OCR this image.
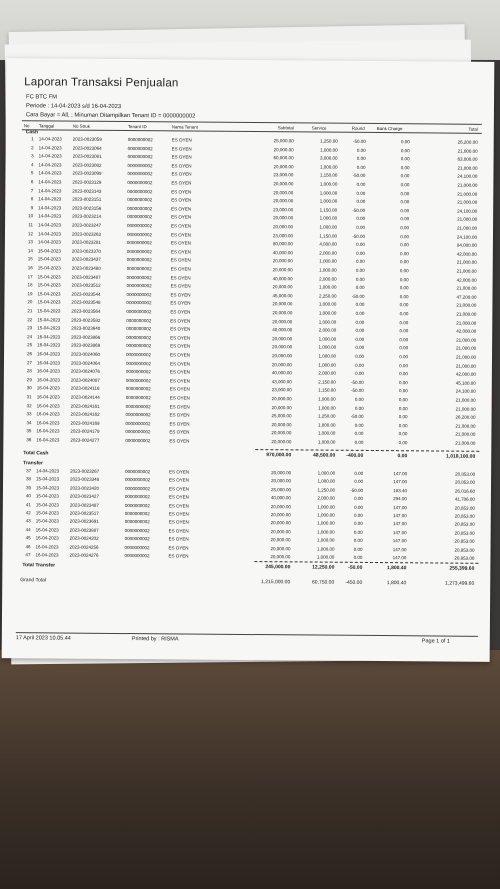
Laporan Transaksi Penjualan
FC BTC FM
Periode : 14-04-2023 s/d 16-04-2023
Cara Bayar = All, ; Minuman Ditampilkan Tenant ID = 0000000002
No Tanggal	No Struk	Tenant ID	Nama Tenant	Subtotal	Service	Round	Bank Charge	Total
Cash
1 14-04-2023	2023-0023059	0000000002	ES OYEN	25,000.00	1,250.00	-50.00	0.00	26,200.00
2 14-04-2023	2023-0023064	0000000002	ES OYEN	20,000.00	1,000.00	0.00	0.00	21,000.00
3 14-04-2023	2023-0023081	0000000002	ES OYEN	60,000.00	3,000.00	0.00	0.00	63,000.00
4 14-04-2023	2023-0023082	0000000002	ES OYEN	20,000.00	1,000.00	0.00	0.00	21,000.00
5 14-04-2023	2023-0023099	0000000002	ES OYEN	23,000.00	1,150.00	-50.00	0.00	24,100.00
6 14-04-2023	2023-0023129	0000000002	ES OYEN	20,000.00	1,000.00	0.00	0.00	21,000.00
7 14-04-2023	2023-0023143	0000000002	ES OYEN	20,000.00	1,000.00	0.00	0.00	21,000.00
8 14-04-2023	2023-0023151	0000000002	ES OYEN	20,000.00	1,000.00	0.00	0.00	21,000.00
9 14-04-2023	2023-0023156	0000000002	ES OYEN	23,000.00	1,150.00	-50.00	0.00	24,100.00
10 14-04-2023	2023-0023214	0000000002	ES OYEN	20,000.00	1,000.00	0.00	0.00	21,000.00
11 14-04-2023	2023-0023247	0000000002	ES OYEN	20,000.00	1,000.00	0.00	0.00	21,000.00
12 14-04-2023	2023-0023263	0000000002	ES OYEN	23,000.00	1,150.00	-50.00	0.00	24,100.00
13 14-04-2023	2023-0023281	0000000002	ES OYEN	80,000.00	4,000.00	0.00	0.00	84,000.00
14 15-04-2023	2023-0023370	0000000002	ES OYEN	40,000.00	2,000.00	0.00	0.00	42,000.00
15 15-04-2023	2023-0023437	0000000002	ES OYEN	20,000.00	1,000.00	0.00	0.00	21,000.00
16 15-04-2023	2023-0023480	0000000002	ES OYEN	20,000.00	1,000.00	0.00	0.00	21,000.00
17 15-04-2023	2023-0023487	0000000002	ES OYEN	40,000.00	2,000.00	0.00	0.00	42,000.00
18 15-04-2023	2023-0023512	0000000002	ES OYEN	20,000.00	1,000.00	0.00	0.00	21,000.00
19 15-04-2023	2023-0023544	0000000002	ES OYEN	45,000.00	2,250.00	-50.00	0.00	47,200.00
20 15-04-2023	2023-0023548	0000000002	ES OYEN	20,000.00	1,000.00	0.00	0.00	21,000.00
21 15-04-2023	2023-0023564	0000000002	ES OYEN	20,000.00	1,000.00	0.00	0.00	21,000.00
22 15-04-2023	2023-0023582	0000000002	ES OYEN	20,000.00	1,000.00	0.00	0.00	21,000.00
23 15-04-2023	2023-0023640	0000000002	ES OYEN	40,000.00	2,000.00	0.00	0.00	42,000.00
24 16-04-2023	2023-0023866	0000000002	ES OYEN	20,000.00	1,000.00	0.00	0.00	21,000.00
25 16-04-2023	2023-0023869	0000000002	ES OYEN	20,000.00	1,000.00	0.00	0.00	21,000.00
26 16-04-2023	2023-0024060	0000000002	ES OYEN	20,000.00	1,000.00	0.00	0.00	21,000.00
27 16-04-2023	2023-0024064	0000000002	ES OYEN	20,000.00	1,000.00	0.00	0.00	21,000.00
28 16-04-2023	2023-0024076	0000000002	ES OYEN	40,000.00	2,000.00	0.00	0.00	42,000.00
29 16-04-2023	2023-0024087	0000000002	ES OYEN	43,000.00	2,150.00	-50.00	0.00	45,100.00
30 16-04-2023	2023-0024116	0000000002	ES OYEN	23,000.00	1,150.00	-50.00	0.00	24,100.00
31 16-04-2023	2023-0024144	0000000002	ES OYEN	20,000.00	1,000.00	0.00	0.00	21,000.00
32 16-04-2023	2023-0024161	0000000002	ES OYEN	20,000.00	1,000.00	0.00	0.00	21,000.00
33 16-04-2023	2023-0024162	0000000002	ES OYEN	25,000.00	1,250.00	-50.00	0.00	26,200.00
34 16-04-2023	2023-0024169	0000000002	ES OYEN	20,000.00	1,000.00	0.00	0.00	21,000.00
35 16-04-2023	2023-0024179	0000000002	ES OYEN	20,000.00	1,000.00	0.00	0.00	21,000.00
36 16-04-2023	2023-0024277	0000000002	ES OYEN	20,000.00	1,000.00	0.00	0.00	21,000.00
Total Cash	970,000.00	48,500.00	-400.00	0.00	1,018,100.00
Transfer
37 14-04-2023	2023-0023267	0000000002	ES OYEN	20,000.00	1,000.00	0.00	147.00	20,853.00
38 15-04-2023	2023-0023348	0000000002	ES OYEN	20,000.00	1,000.00	0.00	147.00	20,853.00
39 15-04-2023	2023-0023420	0000000002	ES OYEN	25,000.00	1,250.00	-50.00	183.40	26,016.60
40 15-04-2023	2023-0023427	0000000002	ES OYEN	40,000.00	2,000.00	0.00	294.00	41,706.00
41 15-04-2023	2023-0023487	0000000002	ES OYEN	20,000.00	1,000.00	0.00	147.00	20,853.00
42 15-04-2023	2023-0023517	0000000002	ES OYEN	20,000.00	1,000.00	0.00	147.00	20,853.00
43 15-04-2023	2023-0023691	0000000002	ES OYEN	20,000.00	1,000.00	0.00	147.00	20,853.00
44 16-04-2023	2023-0023887	0000000002	ES OYEN	20,000.00	1,000.00	0.00	147.00	20,853.00
45 16-04-2023	2023-0024202	0000000002	ES OYEN	20,000.00	1,000.00	0.00	147.00	20,853.00
46 16-04-2023	2023-0024256	0000000002	ES OYEN	20,000.00	1,000.00	0.00	147.00	20,853.00
47 16-04-2023	2023-0024276	0000000002	ES OYEN	20,000.00	1,000.00	0.00	147.00	20,853.00
Total Transfer	245,000.00	12,250.00	-50.00	1,800.40	255,399.60
Grand Total	1,215,000.00	60,750.00	-450.00	1,800.40	1,273,499.60
17 April 2023 10.05.44	Printed by : RISMA	Page 1 of 1
